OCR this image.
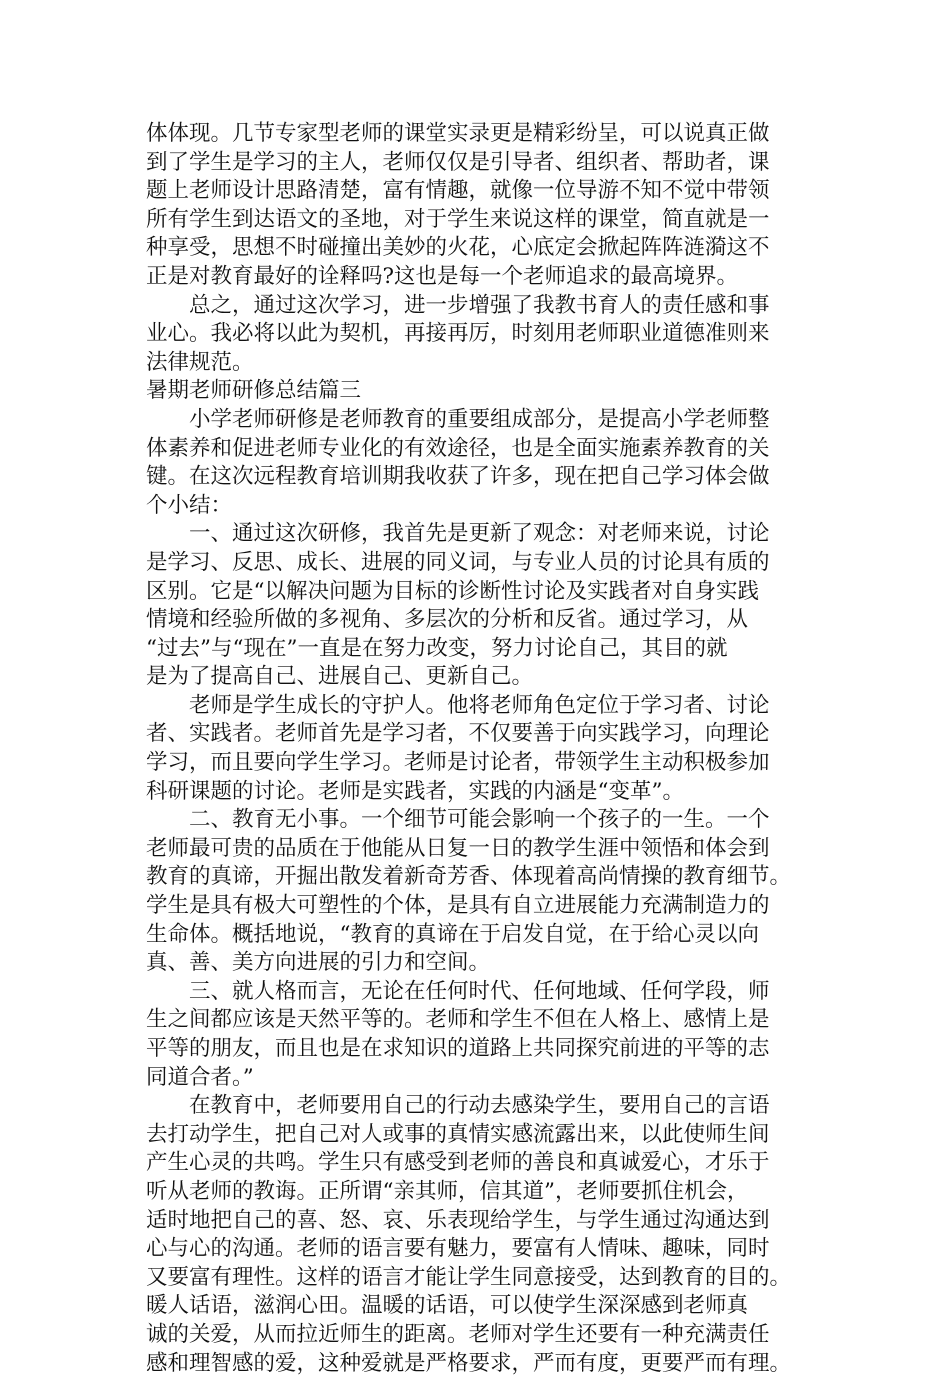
体体现。几节专家型老师的课堂实录更是精彩纷呈，可以说真正做
到了学生是学习的主人，老师仅仅是引导者、组织者、帮助者，课
题上老师设计思路清楚，富有情趣，就像一位导游不知不觉中带领
所有学生到达语文的圣地，对于学生来说这样的课堂，简直就是一
种享受，思想不时碰撞出美妙的火花，心底定会掀起阵阵涟漪这不
正是对教育最好的诠释吗?这也是每一个老师追求的最高境界。
总之，通过这次学习，进一步增强了我教书育人的责任感和事
业心。我必将以此为契机，再接再厉，时刻用老师职业道德准则来
法律规范。
暑期老师研修总结篇三
小学老师研修是老师教育的重要组成部分，是提高小学老师整
体素养和促进老师专业化的有效途径，也是全面实施素养教育的关
键。在这次远程教育培训期我收获了许多，现在把自己学习体会做
个小结：
一、通过这次研修，我首先是更新了观念：对老师来说，讨论
是学习、反思、成长、进展的同义词，与专业人员的讨论具有质的
区别。它是“以解决问题为目标的诊断性讨论及实践者对自身实践
情境和经验所做的多视角、多层次的分析和反省。通过学习，从
“过去”与“现在”一直是在努力改变，努力讨论自己，其目的就
是为了提高自己、进展自己、更新自己。
老师是学生成长的守护人。他将老师角色定位于学习者、讨论
者、实践者。老师首先是学习者，不仅要善于向实践学习，向理论
学习，而且要向学生学习。老师是讨论者，带领学生主动积极参加
科研课题的讨论。老师是实践者，实践的内涵是“变革”。
二、教育无小事。一个细节可能会影响一个孩子的一生。一个
老师最可贵的品质在于他能从日复一日的教学生涯中领悟和体会到
教育的真谛，开掘出散发着新奇芳香、体现着高尚情操的教育细节。
学生是具有极大可塑性的个体，是具有自立进展能力充满制造力的
生命体。概括地说，“教育的真谛在于启发自觉，在于给心灵以向
真、善、美方向进展的引力和空间。
三、就人格而言，无论在任何时代、任何地域、任何学段，师
生之间都应该是天然平等的。老师和学生不但在人格上、感情上是
平等的朋友，而且也是在求知识的道路上共同探究前进的平等的志
同道合者。”
在教育中，老师要用自己的行动去感染学生，要用自己的言语
去打动学生，把自己对人或事的真情实感流露出来，以此使师生间
产生心灵的共鸣。学生只有感受到老师的善良和真诚爱心，才乐于
听从老师的教诲。正所谓“亲其师，信其道”，老师要抓住机会，
适时地把自己的喜、怒、哀、乐表现给学生，与学生通过沟通达到
心与心的沟通。老师的语言要有魅力，要富有人情味、趣味，同时
又要富有理性。这样的语言才能让学生同意接受，达到教育的目的。
暖人话语，滋润心田。温暖的话语，可以使学生深深感到老师真
诚的关爱，从而拉近师生的距离。老师对学生还要有一种充满责任
感和理智感的爱，这种爱就是严格要求，严而有度，更要严而有理。
